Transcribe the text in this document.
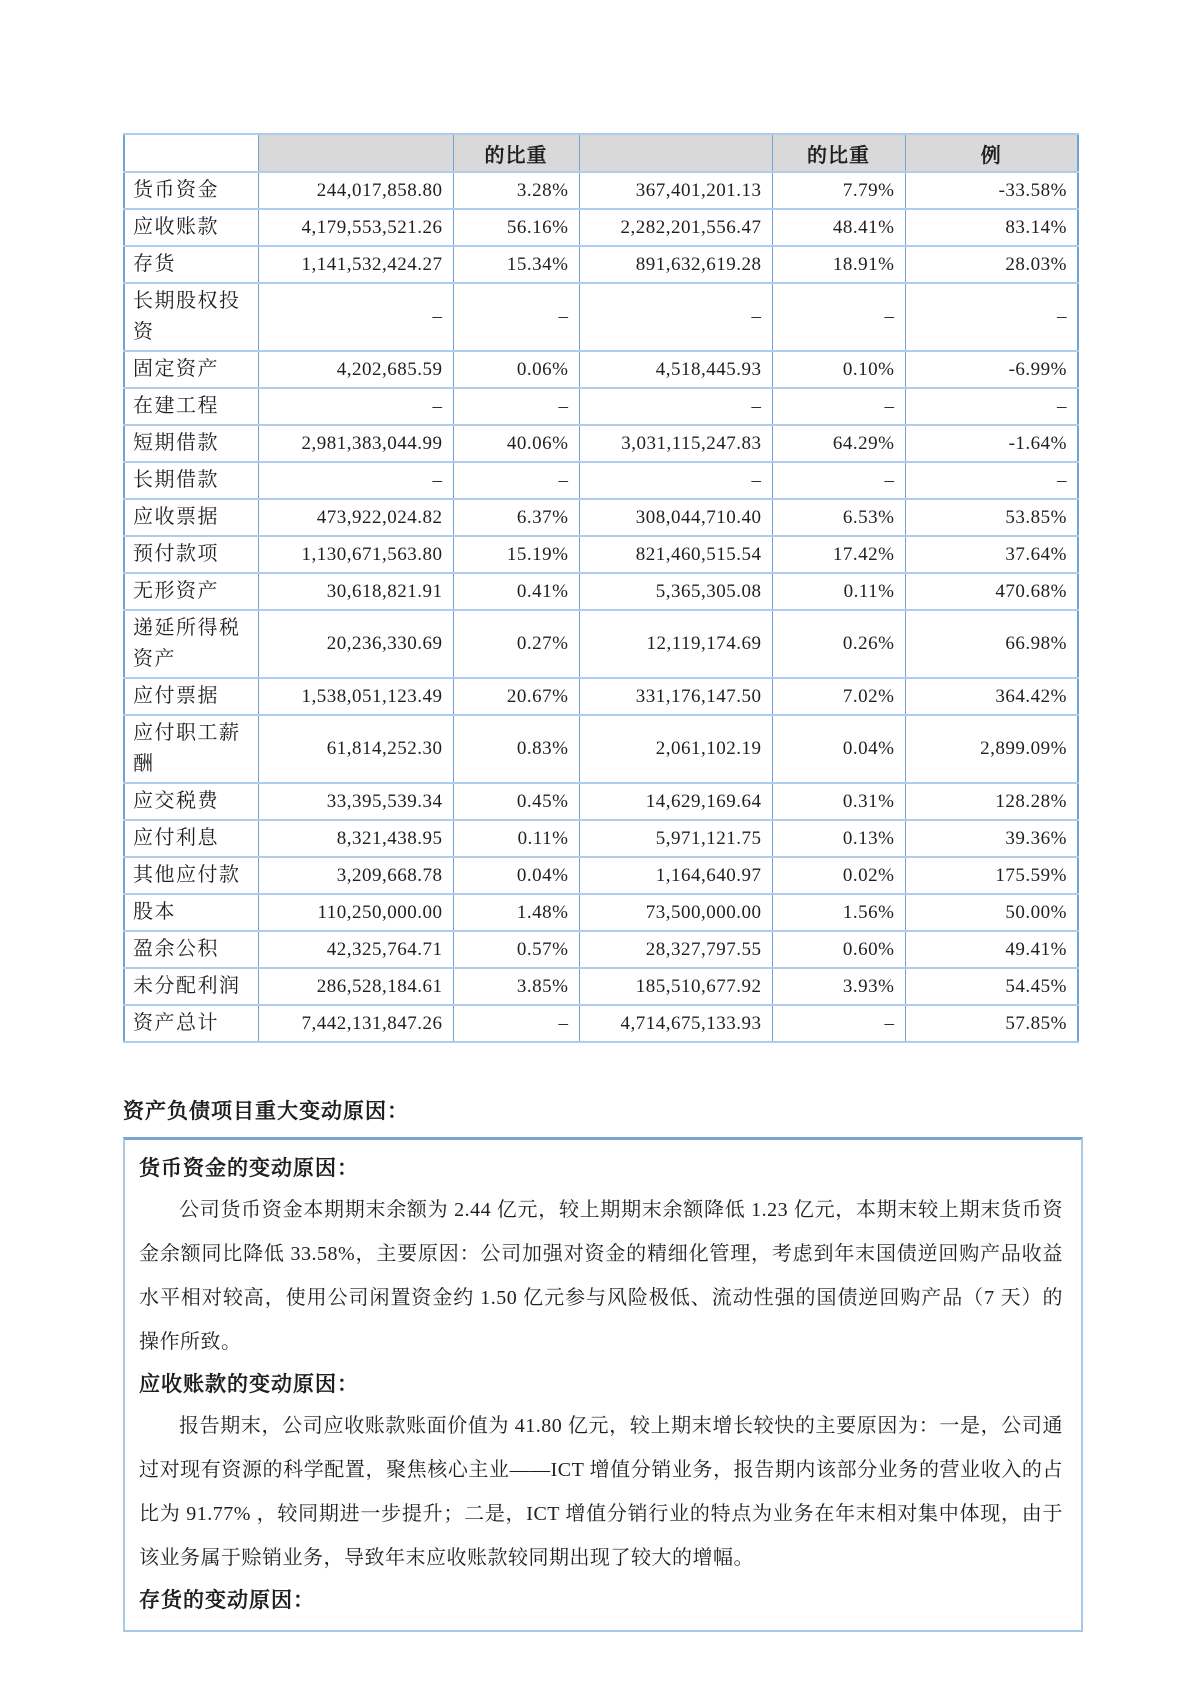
		的比重		的比重	例
货币资金	244,017,858.80	3.28%	367,401,201.13	7.79%	-33.58%
应收账款	4,179,553,521.26	56.16%	2,282,201,556.47	48.41%	83.14%
存货	1,141,532,424.27	15.34%	891,632,619.28	18.91%	28.03%
长期股权投资	–	–	–	–	–
固定资产	4,202,685.59	0.06%	4,518,445.93	0.10%	-6.99%
在建工程	–	–	–	–	–
短期借款	2,981,383,044.99	40.06%	3,031,115,247.83	64.29%	-1.64%
长期借款	–	–	–	–	–
应收票据	473,922,024.82	6.37%	308,044,710.40	6.53%	53.85%
预付款项	1,130,671,563.80	15.19%	821,460,515.54	17.42%	37.64%
无形资产	30,618,821.91	0.41%	5,365,305.08	0.11%	470.68%
递延所得税资产	20,236,330.69	0.27%	12,119,174.69	0.26%	66.98%
应付票据	1,538,051,123.49	20.67%	331,176,147.50	7.02%	364.42%
应付职工薪酬	61,814,252.30	0.83%	2,061,102.19	0.04%	2,899.09%
应交税费	33,395,539.34	0.45%	14,629,169.64	0.31%	128.28%
应付利息	8,321,438.95	0.11%	5,971,121.75	0.13%	39.36%
其他应付款	3,209,668.78	0.04%	1,164,640.97	0.02%	175.59%
股本	110,250,000.00	1.48%	73,500,000.00	1.56%	50.00%
盈余公积	42,325,764.71	0.57%	28,327,797.55	0.60%	49.41%
未分配利润	286,528,184.61	3.85%	185,510,677.92	3.93%	54.45%
资产总计	7,442,131,847.26	–	4,714,675,133.93	–	57.85%
资产负债项目重大变动原因：
货币资金的变动原因：

公司货币资金本期期末余额为 2.44 亿元，较上期期末余额降低 1.23 亿元，本期末较上期末货币资金余额同比降低 33.58%，主要原因：公司加强对资金的精细化管理，考虑到年末国债逆回购产品收益水平相对较高，使用公司闲置资金约 1.50 亿元参与风险极低、流动性强的国债逆回购产品（7 天）的操作所致。

应收账款的变动原因：

报告期末，公司应收账款账面价值为 41.80 亿元，较上期末增长较快的主要原因为：一是，公司通过对现有资源的科学配置，聚焦核心主业——ICT 增值分销业务，报告期内该部分业务的营业收入的占比为 91.77% ，较同期进一步提升；二是，ICT 增值分销行业的特点为业务在年末相对集中体现，由于该业务属于赊销业务，导致年末应收账款较同期出现了较大的增幅。

存货的变动原因：
